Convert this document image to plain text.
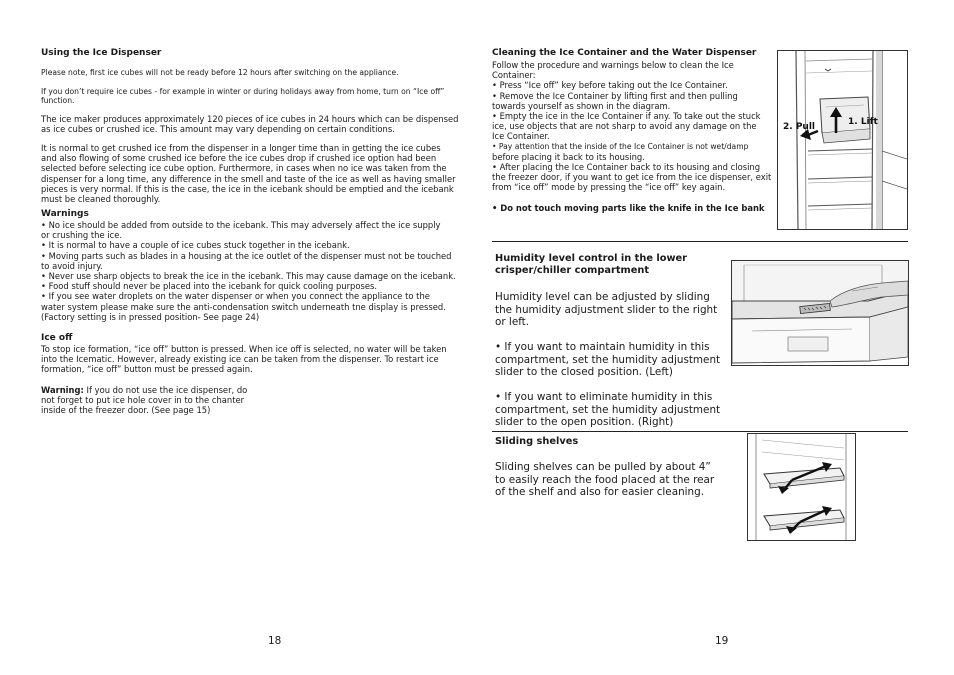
Using the Ice Dispenser
Please note, first ice cubes will not be ready before 12 hours after switching on the appliance.

If you don’t require ice cubes - for example in winter or during holidays away from home, turn on “Ice off”

function.

The ice maker produces approximately 120 pieces of ice cubes in 24 hours which can be dispensed

as ice cubes or crushed ice. This amount may vary depending on certain conditions.

It is normal to get crushed ice from the dispenser in a longer time than in getting the ice cubes

and also flowing of some crushed ice before the ice cubes drop if crushed ice option had been

selected before selecting ice cube option. Furthermore, in cases when no ice was taken from the

dispenser for a long time, any difference in the smell and taste of the ice as well as having smaller

pieces is very normal. If this is the case, the ice in the icebank should be emptied and the icebank

must be cleaned thoroughly.

Warnings

• No ice should be added from outside to the icebank. This may adversely affect the ice supply

or crushing the ice.

• It is normal to have a couple of ice cubes stuck together in the icebank.

• Moving parts such as blades in a housing at the ice outlet of the dispenser must not be touched

to avoid injury.

• Never use sharp objects to break the ice in the icebank. This may cause damage on the icebank.

• Food stuff should never be placed into the icebank for quick cooling purposes.

• If you see water droplets on the water dispenser or when you connect the appliance to the

water system please make sure the anti-condensation switch underneath tne display is pressed.

(Factory setting is in pressed position- See page 24)

Ice off

To stop ice formation, “ice off” button is pressed. When ice off is selected, no water will be taken

into the Icematic. However, already existing ice can be taken from the dispenser. To restart ice

formation, “ice off” button must be pressed again.

Warning: If you do not use the ice dispenser, do

not forget to put ice hole cover in to the chanter

inside of the freezer door. (See page 15)

18
Cleaning the Ice Container and the Water Dispenser

Follow the procedure and warnings below to clean the Ice

Container:

• Press “Ice off” key before taking out the Ice Container.

• Remove the Ice Container by lifting first and then pulling

towards yourself as shown in the diagram.

• Empty the ice in the Ice Container if any. To take out the stuck

ice, use objects that are not sharp to avoid any damage on the

Ice Container.

• Pay attention that the inside of the Ice Container is not wet/damp

before placing it back to its housing.

• After placing the Ice Container back to its housing and closing

the freezer door, if you want to get ice from the ice dispenser, exit

from “ice off” mode by pressing the “ice off” key again.

• Do not touch moving parts like the knife in the Ice bank
2. Pull	1. Lift

Humidity level control in the lower

crisper/chiller compartment

Humidity level can be adjusted by sliding

the humidity adjustment slider to the right

or left.

• If you want to maintain humidity in this

compartment, set the humidity adjustment

slider to the closed position. (Left)

• If you want to eliminate humidity in this

compartment, set the humidity adjustment

slider to the open position. (Right)

Sliding shelves

Sliding shelves can be pulled by about 4”

to easily reach the food placed at the rear

of the shelf and also for easier cleaning.

19
